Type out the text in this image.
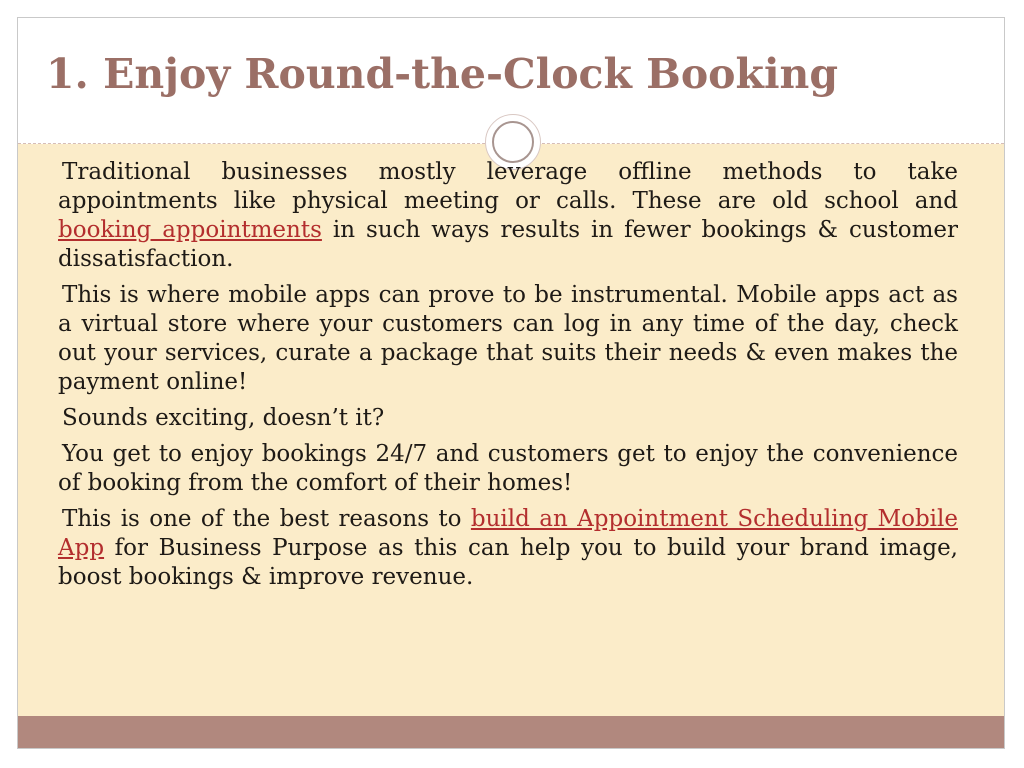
1. Enjoy Round-the-Clock Booking

Traditional businesses mostly leverage offline methods to take appointments like physical meeting or calls. These are old school and booking appointments in such ways results in fewer bookings & customer dissatisfaction.

This is where mobile apps can prove to be instrumental. Mobile apps act as a virtual store where your customers can log in any time of the day, check out your services, curate a package that suits their needs & even makes the payment online!

Sounds exciting, doesn’t it?

You get to enjoy bookings 24/7 and customers get to enjoy the convenience of booking from the comfort of their homes!

This is one of the best reasons to build an Appointment Scheduling Mobile App for Business Purpose as this can help you to build your brand image, boost bookings & improve revenue.
